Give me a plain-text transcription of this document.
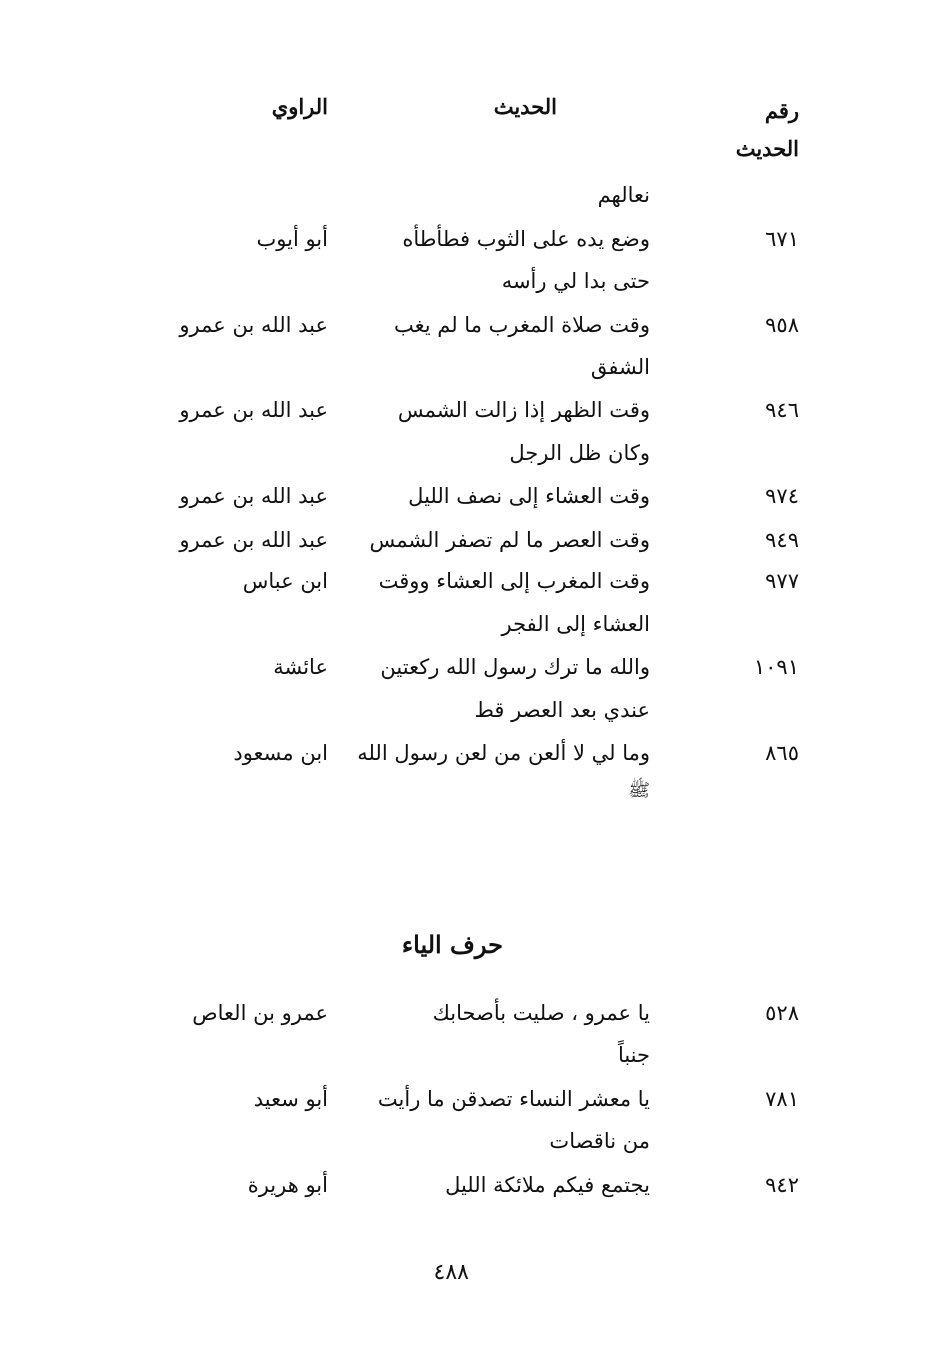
رقم
الحديث
الحديث
الراوي
نعالهم
٦٧١
وضع يده على الثوب فطأطأه
حتى بدا لي رأسه
أبو أيوب
٩٥٨
وقت صلاة المغرب ما لم يغب
الشفق
عبد الله بن عمرو
٩٤٦
وقت الظهر إذا زالت الشمس
وكان ظل الرجل
عبد الله بن عمرو
٩٧٤
وقت العشاء إلى نصف الليل
عبد الله بن عمرو
٩٤٩
وقت العصر ما لم تصفر الشمس
عبد الله بن عمرو
٩٧٧
وقت المغرب إلى العشاء ووقت
العشاء إلى الفجر
ابن عباس
١٠٩١
والله ما ترك رسول الله ركعتين
عندي بعد العصر قط
عائشة
٨٦٥
وما لي لا ألعن من لعن رسول الله
ﷺ
ابن مسعود
حرف الياء
٥٢٨
يا عمرو ، صليت بأصحابك
جنباً
عمرو بن العاص
٧٨١
يا معشر النساء تصدقن ما رأيت
من ناقصات
أبو سعيد
٩٤٢
يجتمع فيكم ملائكة الليل
أبو هريرة
٤٨٨
